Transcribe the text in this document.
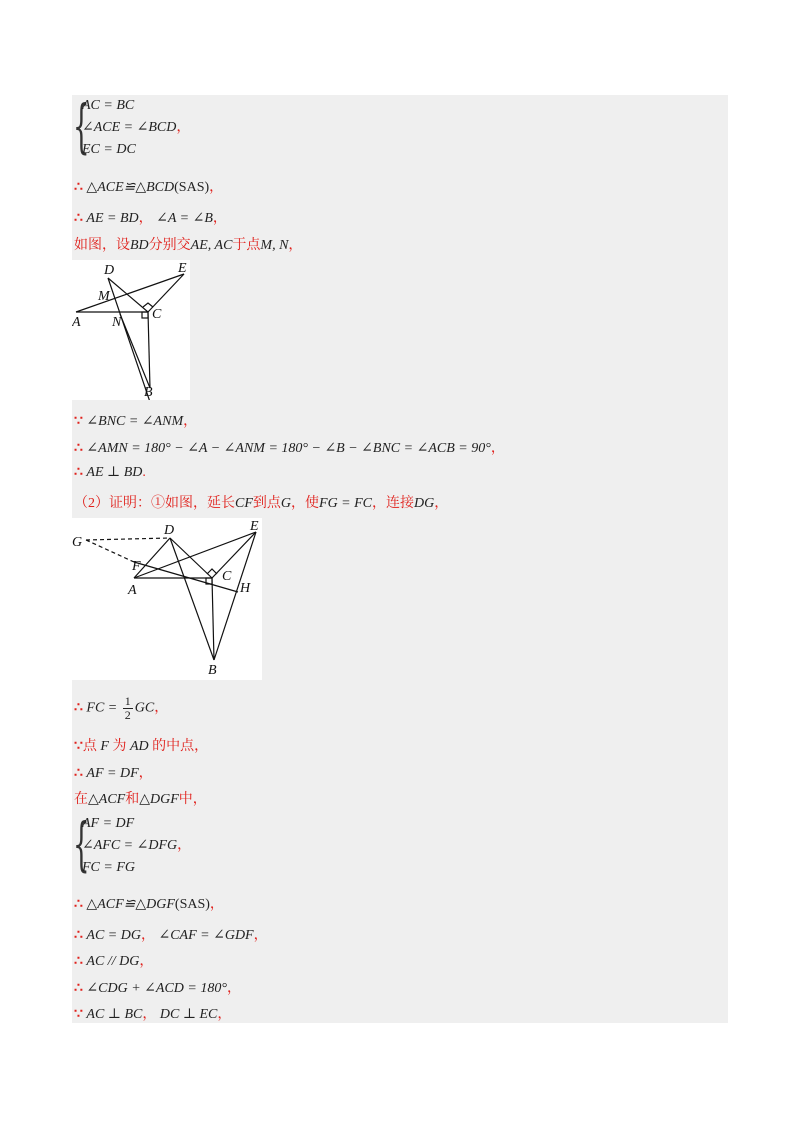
{
AC = BC
∠ACE = ∠BCD，
EC = DC
∴ △ACE≌△BCD(SAS)，
∴ AE = BD， ∠A = ∠B，
如图，设BD分别交AE, AC于点M, N，
D	E
M
A N
C
B
∵ ∠BNC = ∠ANM，
∴ ∠AMN = 180° − ∠A − ∠ANM = 180° − ∠B − ∠BNC = ∠ACB = 90°，
∴ AE ⊥ BD.
（2）证明：①如图，延长CF到点G，使FG = FC，连接DG，
G
D	E
F
A
C
H
B
∴ FC = $\frac{1}{2}$ GC，
∵点 F 为 AD 的中点，
∴ AF = DF，
在△ACF和△DGF中，
{
AF = DF
∠AFC = ∠DFG，
FC = FG
∴ △ACF≌△DGF(SAS)，
∴ AC = DG， ∠CAF = ∠GDF，
∴ AC // DG，
∴ ∠CDG + ∠ACD = 180°，
∵ AC ⊥ BC， DC ⊥ EC，
